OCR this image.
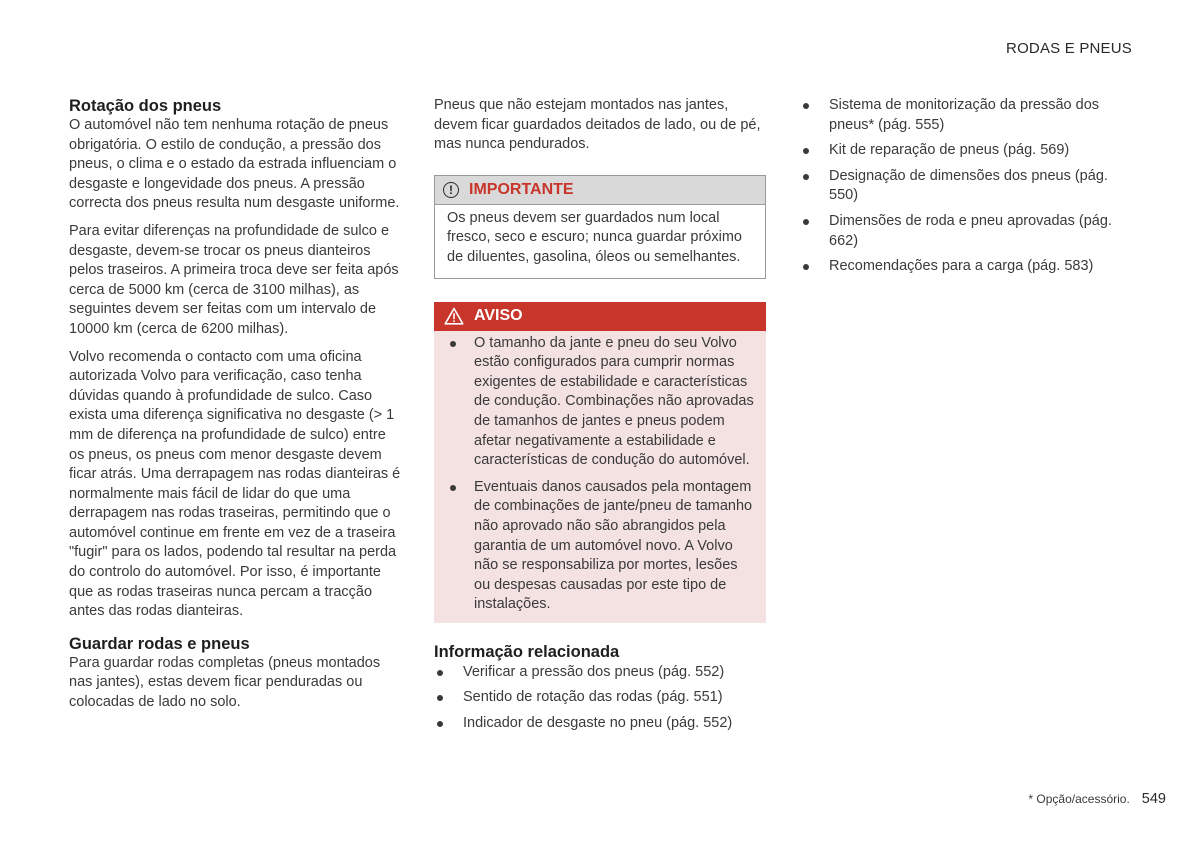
RODAS E PNEUS
Rotação dos pneus

O automóvel não tem nenhuma rotação de pneus obrigatória. O estilo de condução, a pressão dos pneus, o clima e o estado da estrada influenciam o desgaste e longevidade dos pneus. A pressão correcta dos pneus resulta num desgaste uniforme.

Para evitar diferenças na profundidade de sulco e desgaste, devem-se trocar os pneus dianteiros pelos traseiros. A primeira troca deve ser feita após cerca de 5000 km (cerca de 3100 milhas), as seguintes devem ser feitas com um intervalo de 10000 km (cerca de 6200 milhas).

Volvo recomenda o contacto com uma oficina autorizada Volvo para verificação, caso tenha dúvidas quando à profundidade de sulco. Caso exista uma diferença significativa no desgaste (> 1 mm de diferença na profundidade de sulco) entre os pneus, os pneus com menor desgaste devem ficar atrás. Uma derrapagem nas rodas dianteiras é normalmente mais fácil de lidar do que uma derrapagem nas rodas traseiras, permitindo que o automóvel continue em frente em vez de a traseira "fugir" para os lados, podendo tal resultar na perda do controlo do automóvel. Por isso, é importante que as rodas traseiras nunca percam a tracção antes das rodas dianteiras.

Guardar rodas e pneus

Para guardar rodas completas (pneus montados nas jantes), estas devem ficar penduradas ou colocadas de lado no solo.

Pneus que não estejam montados nas jantes, devem ficar guardados deitados de lado, ou de pé, mas nunca pendurados.

!	IMPORTANTE
Os pneus devem ser guardados num local fresco, seco e escuro; nunca guardar próximo de diluentes, gasolina, óleos ou semelhantes.
AVISO
O tamanho da jante e pneu do seu Volvo estão configurados para cumprir normas exigentes de estabilidade e características de condução. Combinações não aprovadas de tamanhos de jantes e pneus podem afetar negativamente a estabilidade e características de condução do automóvel.
Eventuais danos causados pela montagem de combinações de jante/pneu de tamanho não aprovado não são abrangidos pela garantia de um automóvel novo. A Volvo não se responsabiliza por mortes, lesões ou despesas causadas por este tipo de instalações.
Informação relacionada
Verificar a pressão dos pneus (pág. 552)
Sentido de rotação das rodas (pág. 551)
Indicador de desgaste no pneu (pág. 552)
Sistema de monitorização da pressão dos pneus* (pág. 555)
Kit de reparação de pneus (pág. 569)
Designação de dimensões dos pneus (pág. 550)
Dimensões de roda e pneu aprovadas (pág. 662)
Recomendações para a carga (pág. 583)
* Opção/acessório. 549
